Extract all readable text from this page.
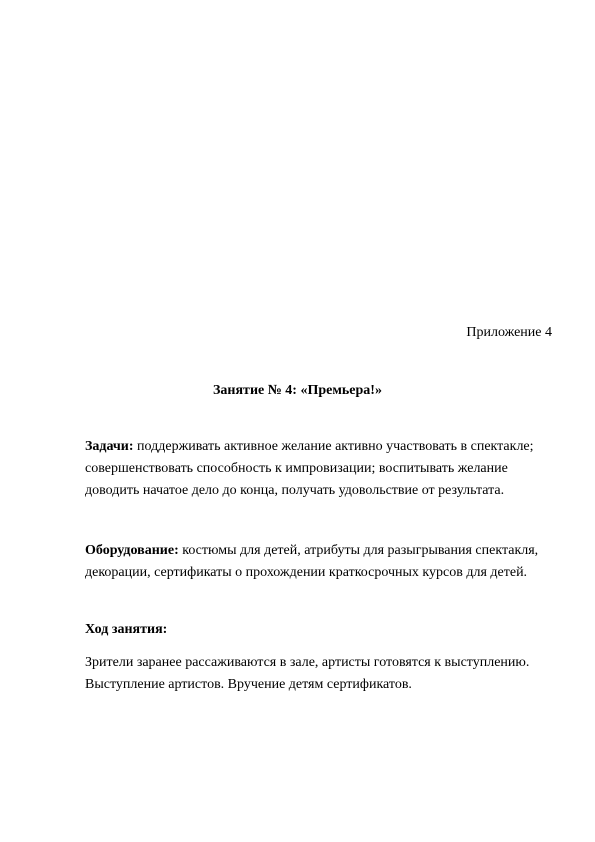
Приложение 4
Занятие № 4: «Премьера!»
Задачи: поддерживать активное желание активно участвовать в спектакле;
совершенствовать способность к импровизации; воспитывать желание
доводить начатое дело до конца, получать удовольствие от результата.
Оборудование: костюмы для детей, атрибуты для разыгрывания спектакля,
декорации, сертификаты о прохождении краткосрочных курсов для детей.
Ход занятия:
Зрители заранее рассаживаются в зале, артисты готовятся к выступлению.
Выступление артистов. Вручение детям сертификатов.
